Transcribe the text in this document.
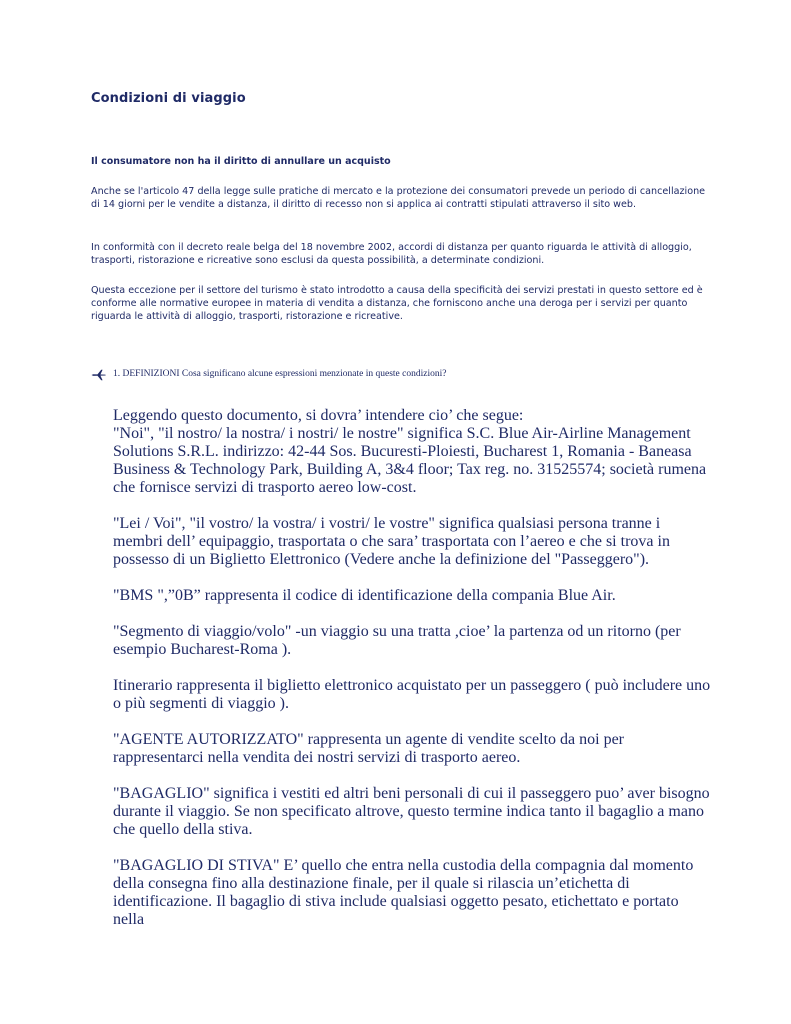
Condizioni di viaggio
Il consumatore non ha il diritto di annullare un acquisto

Anche se l'articolo 47 della legge sulle pratiche di mercato e la protezione dei consumatori prevede un periodo di cancellazione di 14 giorni per le vendite a distanza, il diritto di recesso non si applica ai contratti stipulati attraverso il sito web.

In conformità con il decreto reale belga del 18 novembre 2002, accordi di distanza per quanto riguarda le attività di alloggio, trasporti, ristorazione e ricreative sono esclusi da questa possibilità, a determinate condizioni.

Questa eccezione per il settore del turismo è stato introdotto a causa della specificità dei servizi prestati in questo settore ed è conforme alle normative europee in materia di vendita a distanza, che forniscono anche una deroga per i servizi per quanto riguarda le attività di alloggio, trasporti, ristorazione e ricreative.

1. DEFINIZIONI Cosa significano alcune espressioni menzionate in queste condizioni?
Leggendo questo documento, si dovra’ intendere cio’ che segue:

"Noi", "il nostro/ la nostra/ i nostri/ le nostre" significa S.C. Blue Air-Airline Management Solutions S.R.L. indirizzo: 42-44 Sos. Bucuresti-Ploiesti, Bucharest 1, Romania - Baneasa Business & Technology Park, Building A, 3&4 floor; Tax reg. no. 31525574; società rumena che fornisce servizi di trasporto aereo low-cost.

"Lei / Voi", "il vostro/ la vostra/ i vostri/ le vostre" significa qualsiasi persona tranne i membri dell’ equipaggio, trasportata o che sara’ trasportata con l’aereo e che si trova in possesso di un Biglietto Elettronico (Vedere anche la definizione del "Passeggero").

"BMS ",”0B” rappresenta il codice di identificazione della compania Blue Air.

"Segmento di viaggio/volo" -un viaggio su una tratta ,cioe’ la partenza od un ritorno (per esempio Bucharest-Roma ).

Itinerario rappresenta il biglietto elettronico acquistato per un passeggero ( può includere uno o più segmenti di viaggio ).

"AGENTE AUTORIZZATO" rappresenta un agente di vendite scelto da noi per rappresentarci nella vendita dei nostri servizi di trasporto aereo.

"BAGAGLIO" significa i vestiti ed altri beni personali di cui il passeggero puo’ aver bisogno durante il viaggio. Se non specificato altrove, questo termine indica tanto il bagaglio a mano che quello della stiva.

"BAGAGLIO DI STIVA" E’ quello che entra nella custodia della compagnia dal momento della consegna fino alla destinazione finale, per il quale si rilascia un’etichetta di identificazione. Il bagaglio di stiva include qualsiasi oggetto pesato, etichettato e portato nella
